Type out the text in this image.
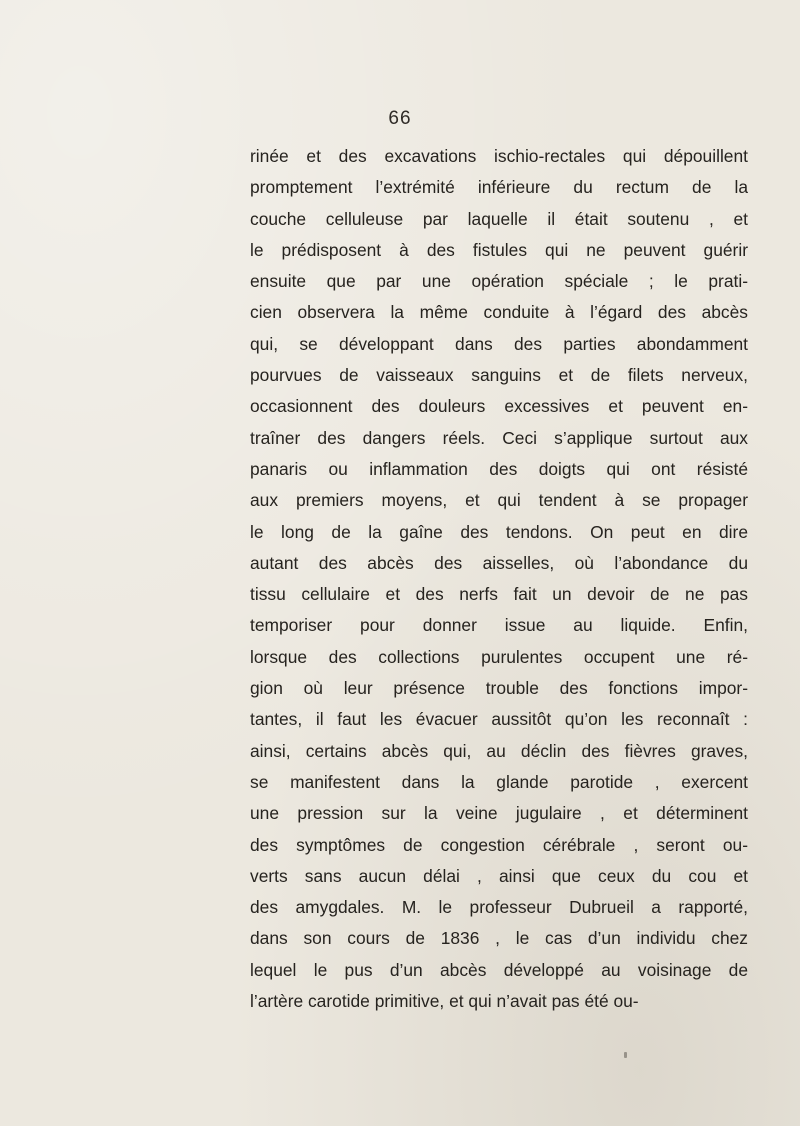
66
rinée et des excavations ischio-rectales qui dépouillent
promptement l’extrémité inférieure du rectum de la
couche celluleuse par laquelle il était soutenu , et
le prédisposent à des fistules qui ne peuvent guérir
ensuite que par une opération spéciale ; le prati-
cien observera la même conduite à l’égard des abcès
qui, se développant dans des parties abondamment
pourvues de vaisseaux sanguins et de filets nerveux,
occasionnent des douleurs excessives et peuvent en-
traîner des dangers réels. Ceci s’applique surtout aux
panaris ou inflammation des doigts qui ont résisté
aux premiers moyens, et qui tendent à se propager
le long de la gaîne des tendons. On peut en dire
autant des abcès des aisselles, où l’abondance du
tissu cellulaire et des nerfs fait un devoir de ne pas
temporiser pour donner issue au liquide. Enfin,
lorsque des collections purulentes occupent une ré-
gion où leur présence trouble des fonctions impor-
tantes, il faut les évacuer aussitôt qu’on les reconnaît :
ainsi, certains abcès qui, au déclin des fièvres graves,
se manifestent dans la glande parotide , exercent
une pression sur la veine jugulaire , et déterminent
des symptômes de congestion cérébrale , seront ou-
verts sans aucun délai , ainsi que ceux du cou et
des amygdales. M. le professeur Dubrueil a rapporté,
dans son cours de 1836 , le cas d’un individu chez
lequel le pus d’un abcès développé au voisinage de
l’artère carotide primitive, et qui n’avait pas été ou-
